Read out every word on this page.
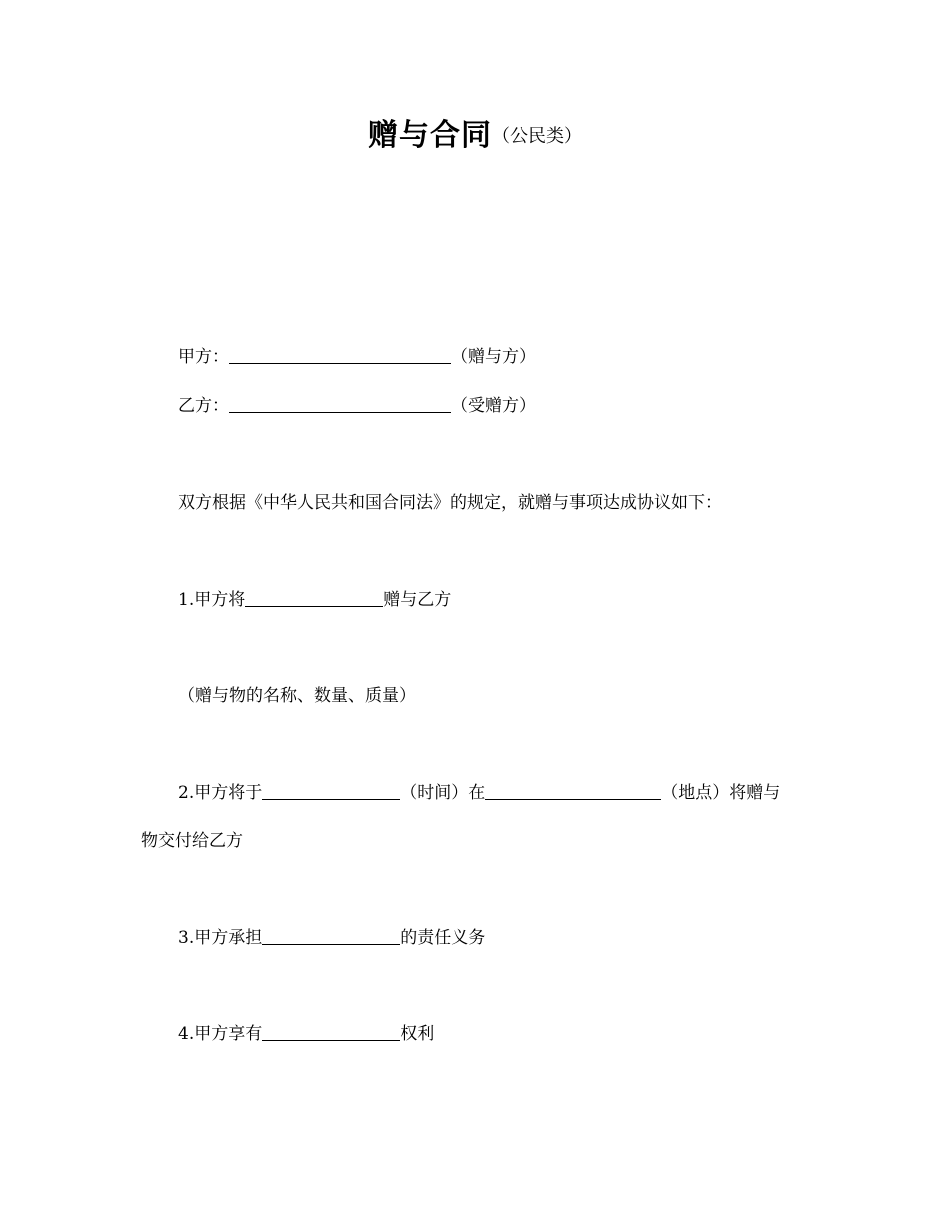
赠与合同（公民类）
甲方：	（赠与方）
乙方：	（受赠方）
双方根据《中华人民共和国合同法》的规定，就赠与事项达成协议如下：
1.甲方将	赠与乙方
（赠与物的名称、数量、质量）
2.甲方将于	（时间）在	（地点）将赠与
物交付给乙方
3.甲方承担	的责任义务
4.甲方享有	权利
